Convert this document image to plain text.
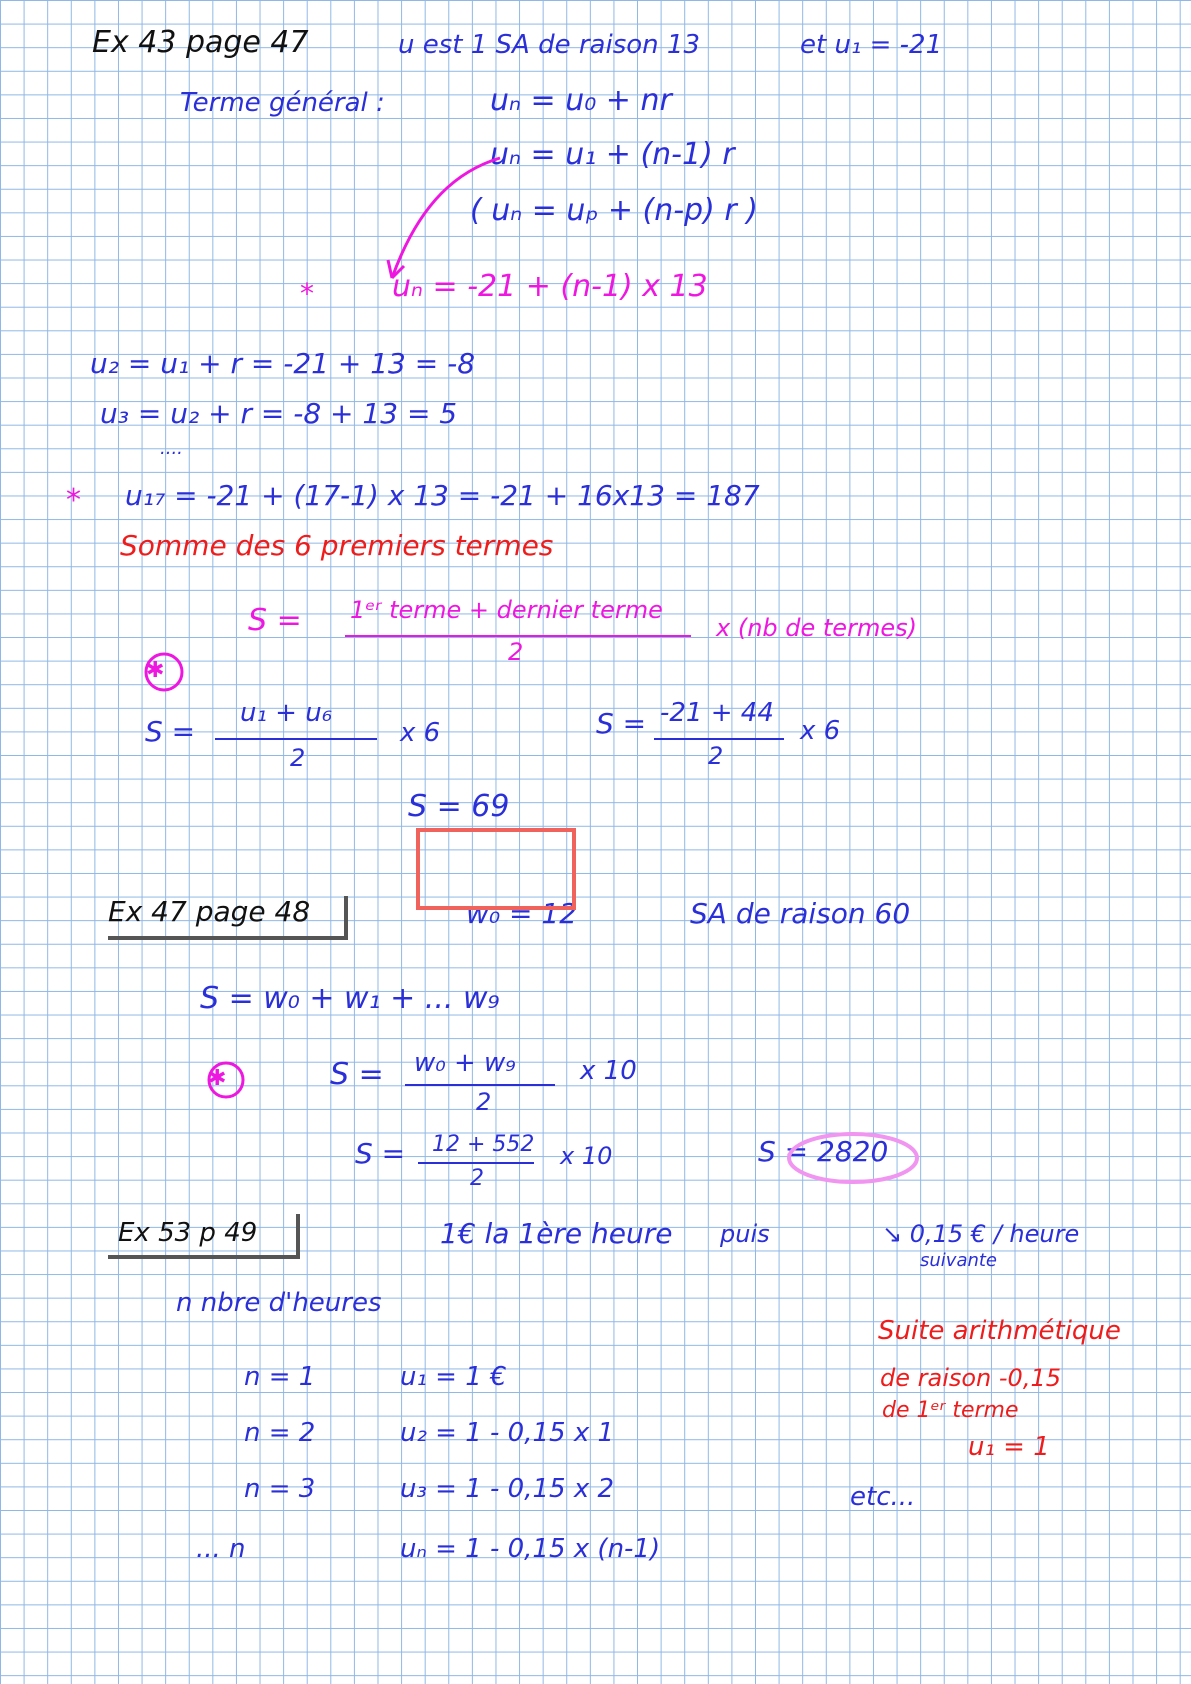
Ex 43 page 47	u est 1 SA de raison 13	et u₁ = -21
Terme général :	uₙ = u₀ + nr
uₙ = u₁ + (n-1) r
( uₙ = uₚ + (n-p) r )
*	uₙ = -21 + (n-1) x 13
u₂ = u₁ + r = -21 + 13 = -8
u₃ = u₂ + r = -8 + 13 = 5
....
* u₁₇ = -21 + (17-1) x 13 = -21 + 16x13 = 187
Somme des 6 premiers termes
✱
S = 1ᵉʳ terme + dernier terme
2
x (nb de termes)
S =
u₁ + u₆
2
x 6	S = -21 + 44
2
x 6
S = 69
Ex 47 page 48	w₀ = 12	SA de raison 60
S = w₀ + w₁ + ... w₉
✱	S = w₀ + w₉
2
x 10
S = 12 + 552
2
x 10	S = 2820
Ex 53 p 49	1€ la 1ère heure puis	↘ 0,15 € / heure
suivante
n nbre d'heures
n = 1	u₁ = 1 €
n = 2	u₂ = 1 - 0,15 x 1
n = 3	u₃ = 1 - 0,15 x 2
... n	uₙ = 1 - 0,15 x (n-1)
etc...
Suite arithmétique
de raison -0,15
de 1ᵉʳ terme
u₁ = 1
